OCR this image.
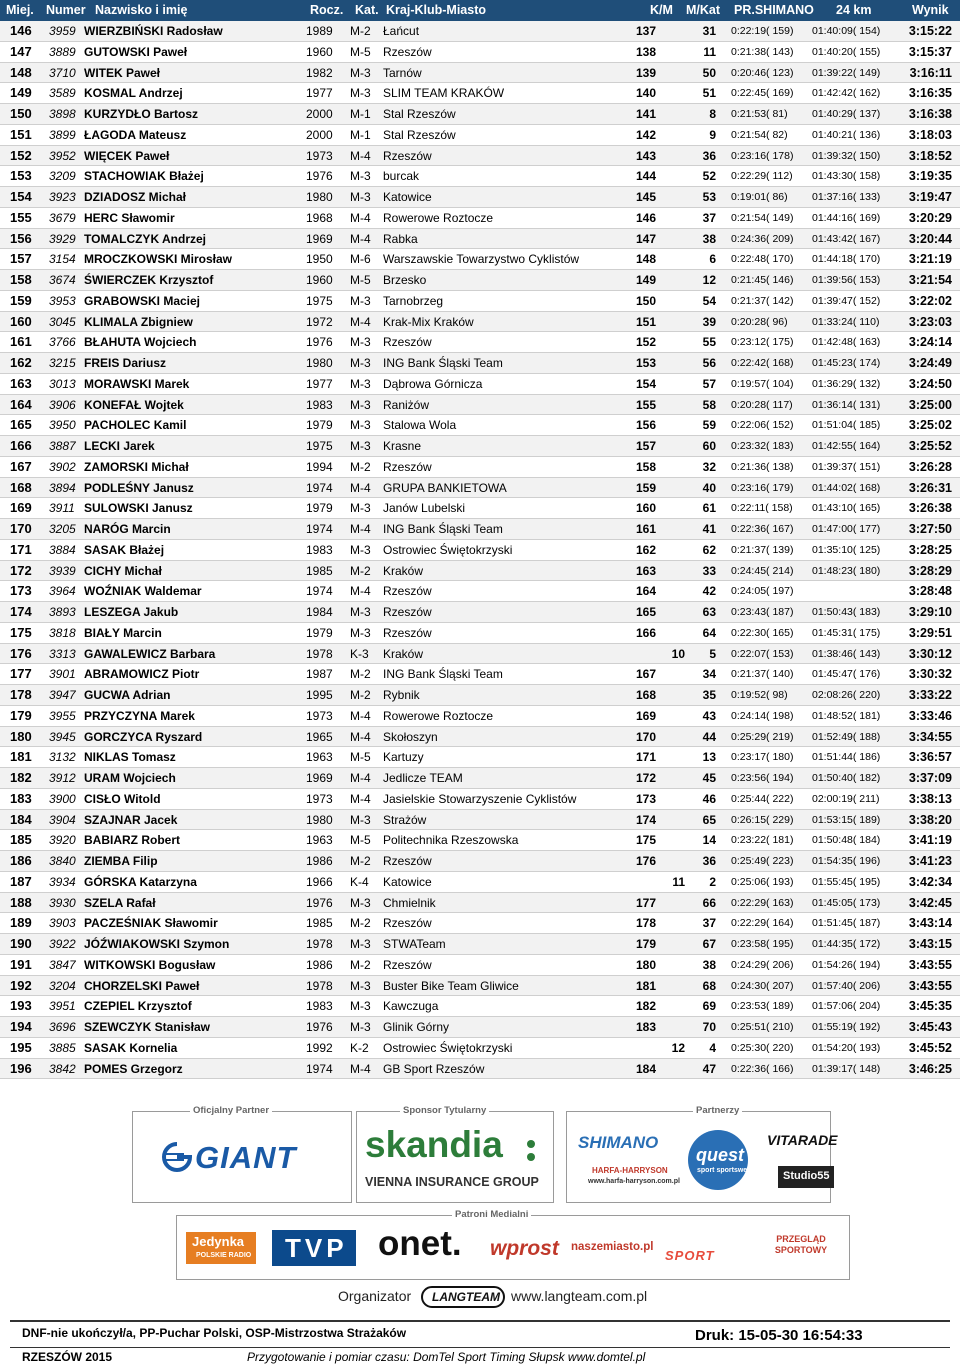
Miej. Numer Nazwisko i imię	Rocz. Kat. Kraj-Klub-Miasto	K/M M/Kat PR.SHIMANO 24 km	Wynik
146 3959 WIERZBIŃSKI Radosław	1989 M-2 Łańcut	137	31 0:22:19( 159) 01:40:09( 154) 3:15:22
147 3889 GUTOWSKI Paweł	1960 M-5 Rzeszów	138	11 0:21:38( 143) 01:40:20( 155) 3:15:37
148 3710 WITEK Paweł	1982 M-3 Tarnów	139	50 0:20:46( 123) 01:39:22( 149) 3:16:11
149 3589 KOSMAL Andrzej	1977 M-3 SLIM TEAM KRAKÓW	140	51 0:22:45( 169) 01:42:42( 162) 3:16:35
150 3898 KURZYDŁO Bartosz	2000 M-1 Stal Rzeszów	141	8 0:21:53( 81) 01:40:29( 137) 3:16:38
151 3899 ŁAGODA Mateusz	2000 M-1 Stal Rzeszów	142	9 0:21:54( 82) 01:40:21( 136) 3:18:03
152 3952 WIĘCEK Paweł	1973 M-4 Rzeszów	143	36 0:23:16( 178) 01:39:32( 150) 3:18:52
153 3209 STACHOWIAK Błażej	1976 M-3 burcak	144	52 0:22:29( 112) 01:43:30( 158) 3:19:35
154 3923 DZIADOSZ Michał	1980 M-3 Katowice	145	53 0:19:01( 86) 01:37:16( 133) 3:19:47
155 3679 HERC Sławomir	1968 M-4 Rowerowe Roztocze	146	37 0:21:54( 149) 01:44:16( 169) 3:20:29
156 3929 TOMALCZYK Andrzej	1969 M-4 Rabka	147	38 0:24:36( 209) 01:43:42( 167) 3:20:44
157 3154 MROCZKOWSKI Mirosław	1950 M-6 Warszawskie Towarzystwo Cyklistów	148	6 0:22:48( 170) 01:44:18( 170) 3:21:19
158 3674 ŚWIERCZEK Krzysztof	1960 M-5 Brzesko	149	12 0:21:45( 146) 01:39:56( 153) 3:21:54
159 3953 GRABOWSKI Maciej	1975 M-3 Tarnobrzeg	150	54 0:21:37( 142) 01:39:47( 152) 3:22:02
160 3045 KLIMALA Zbigniew	1972 M-4 Krak-Mix Kraków	151	39 0:20:28( 96) 01:33:24( 110) 3:23:03
161 3766 BŁAHUTA Wojciech	1976 M-3 Rzeszów	152	55 0:23:12( 175) 01:42:48( 163) 3:24:14
162 3215 FREIS Dariusz	1980 M-3 ING Bank Śląski Team	153	56 0:22:42( 168) 01:45:23( 174) 3:24:49
163 3013 MORAWSKI Marek	1977 M-3 Dąbrowa Górnicza	154	57 0:19:57( 104) 01:36:29( 132) 3:24:50
164 3906 KONEFAŁ Wojtek	1983 M-3 Raniżów	155	58 0:20:28( 117) 01:36:14( 131) 3:25:00
165 3950 PACHOLEC Kamil	1979 M-3 Stalowa Wola	156	59 0:22:06( 152) 01:51:04( 185) 3:25:02
166 3887 LECKI Jarek	1975 M-3 Krasne	157	60 0:23:32( 183) 01:42:55( 164) 3:25:52
167 3902 ZAMORSKI Michał	1994 M-2 Rzeszów	158	32 0:21:36( 138) 01:39:37( 151) 3:26:28
168 3894 PODLEŚNY Janusz	1974 M-4 GRUPA BANKIETOWA	159	40 0:23:16( 179) 01:44:02( 168) 3:26:31
169 3911 SULOWSKI Janusz	1979 M-3 Janów Lubelski	160	61 0:22:11( 158) 01:43:10( 165) 3:26:38
170 3205 NARÓG Marcin	1974 M-4 ING Bank Śląski Team	161	41 0:22:36( 167) 01:47:00( 177) 3:27:50
171 3884 SASAK Błażej	1983 M-3 Ostrowiec Świętokrzyski	162	62 0:21:37( 139) 01:35:10( 125) 3:28:25
172 3939 CICHY Michał	1985 M-2 Kraków	163	33 0:24:45( 214) 01:48:23( 180) 3:28:29
173 3964 WOŹNIAK Waldemar	1974 M-4 Rzeszów	164	42 0:24:05( 197)	3:28:48
174 3893 LESZEGA Jakub	1984 M-3 Rzeszów	165	63 0:23:43( 187) 01:50:43( 183) 3:29:10
175 3818 BIAŁY Marcin	1979 M-3 Rzeszów	166	64 0:22:30( 165) 01:45:31( 175) 3:29:51
176 3313 GAWALEWICZ Barbara	1978 K-3 Kraków	10 5 0:22:07( 153) 01:38:46( 143) 3:30:12
177 3901 ABRAMOWICZ Piotr	1987 M-2 ING Bank Śląski Team	167	34 0:21:37( 140) 01:45:47( 176) 3:30:32
178 3947 GUCWA Adrian	1995 M-2 Rybnik	168	35 0:19:52( 98) 02:08:26( 220) 3:33:22
179 3955 PRZYCZYNA Marek	1973 M-4 Rowerowe Roztocze	169	43 0:24:14( 198) 01:48:52( 181) 3:33:46
180 3945 GORCZYCA Ryszard	1965 M-4 Skołoszyn	170	44 0:25:29( 219) 01:52:49( 188) 3:34:55
181 3132 NIKLAS Tomasz	1963 M-5 Kartuzy	171	13 0:23:17( 180) 01:51:44( 186) 3:36:57
182 3912 URAM Wojciech	1969 M-4 Jedlicze TEAM	172	45 0:23:56( 194) 01:50:40( 182) 3:37:09
183 3900 CISŁO Witold	1973 M-4 Jasielskie Stowarzyszenie Cyklistów	173	46 0:25:44( 222) 02:00:19( 211) 3:38:13
184 3904 SZAJNAR Jacek	1980 M-3 Strażów	174	65 0:26:15( 229) 01:53:15( 189) 3:38:20
185 3920 BABIARZ Robert	1963 M-5 Politechnika Rzeszowska	175	14 0:23:22( 181) 01:50:48( 184) 3:41:19
186 3840 ZIEMBA Filip	1986 M-2 Rzeszów	176	36 0:25:49( 223) 01:54:35( 196) 3:41:23
187 3934 GÓRSKA Katarzyna	1966 K-4 Katowice	11 2 0:25:06( 193) 01:55:45( 195) 3:42:34
188 3930 SZELA Rafał	1976 M-3 Chmielnik	177	66 0:22:29( 163) 01:45:05( 173) 3:42:45
189 3903 PACZEŚNIAK Sławomir	1985 M-2 Rzeszów	178	37 0:22:29( 164) 01:51:45( 187) 3:43:14
190 3922 JÓŹWIAKOWSKI Szymon	1978 M-3 STWATeam	179	67 0:23:58( 195) 01:44:35( 172) 3:43:15
191 3847 WITKOWSKI Bogusław	1986 M-2 Rzeszów	180	38 0:24:29( 206) 01:54:26( 194) 3:43:55
192 3204 CHORZELSKI Paweł	1978 M-3 Buster Bike Team Gliwice	181	68 0:24:30( 207) 01:57:40( 206) 3:43:55
193 3951 CZEPIEL Krzysztof	1983 M-3 Kawczuga	182	69 0:23:53( 189) 01:57:06( 204) 3:45:35
194 3696 SZEWCZYK Stanisław	1976 M-3 Glinik Górny	183	70 0:25:51( 210) 01:55:19( 192) 3:45:43
195 3885 SASAK Kornelia	1992 K-2 Ostrowiec Świętokrzyski	12 4 0:25:30( 220) 01:54:20( 193) 3:45:52
196 3842 POMES Grzegorz	1974 M-4 GB Sport Rzeszów	184	47 0:22:36( 166) 01:39:17( 148) 3:46:25
Oficjalny Partner
GIANT
Sponsor Tytularny
skandia
VIENNA INSURANCE GROUP
Partnerzy
SHIMANO
HARFA-HARRYSON
www.harfa-harryson.com.pl
quest
sport sportswear
VITARADE
Studio55
Patroni Medialni
Jedynka
POLSKIE RADIO TVP onet. wprost naszemiasto.pl
SPORT
PRZEGLĄD SPORTOWY
Organizator LANGTEAM www.langteam.com.pl
DNF-nie ukończył/a, PP-Puchar Polski, OSP-Mistrzostwa Strażaków	Druk: 15-05-30 16:54:33
RZESZÓW 2015	Przygotowanie i pomiar czasu: DomTel Sport Timing Słupsk www.domtel.pl
